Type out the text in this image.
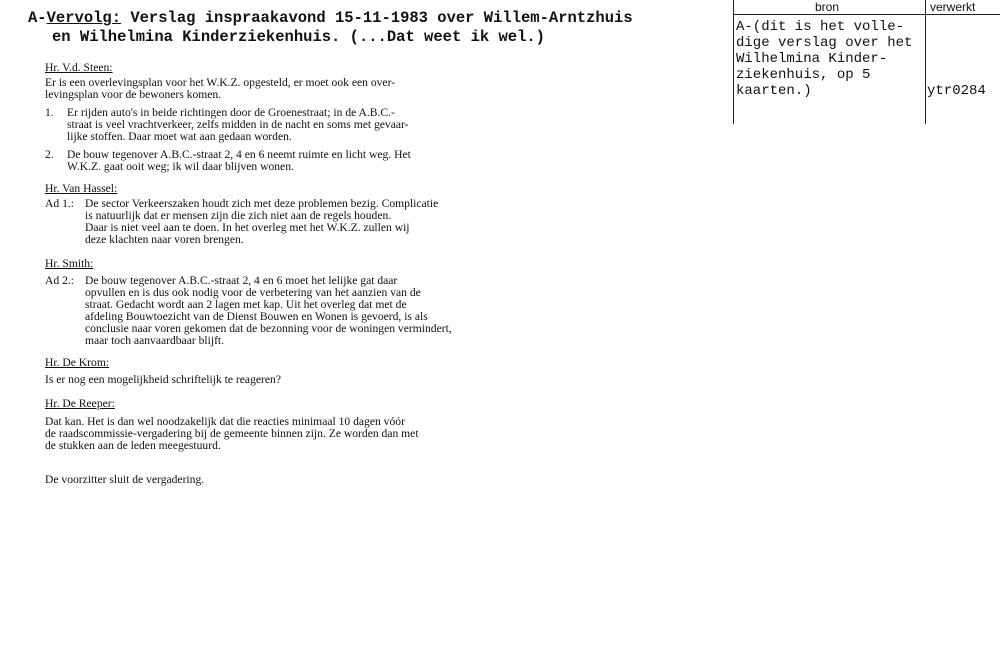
A-Vervolg: Verslag inspraakavond 15-11-1983 over Willem-Arntzhuis
en Wilhelmina Kinderziekenhuis. (...Dat weet ik wel.)
Hr. V.d. Steen:
Er is een overlevingsplan voor het W.K.Z. opgesteld, er moet ook een over-
levingsplan voor de bewoners komen.
1. Er rijden auto's in beide richtingen door de Groenestraat; in de A.B.C.-
straat is veel vrachtverkeer, zelfs midden in de nacht en soms met gevaar-
lijke stoffen. Daar moet wat aan gedaan worden.
2. De bouw tegenover A.B.C.-straat 2, 4 en 6 neemt ruimte en licht weg. Het
W.K.Z. gaat ooit weg; ik wil daar blijven wonen.
Hr. Van Hassel:
Ad 1.: De sector Verkeerszaken houdt zich met deze problemen bezig. Complicatie
is natuurlijk dat er mensen zijn die zich niet aan de regels houden.
Daar is niet veel aan te doen. In het overleg met het W.K.Z. zullen wij
deze klachten naar voren brengen.
Hr. Smith:
Ad 2.: De bouw tegenover A.B.C.-straat 2, 4 en 6 moet het lelijke gat daar
opvullen en is dus ook nodig voor de verbetering van het aanzien van de
straat. Gedacht wordt aan 2 lagen met kap. Uit het overleg dat met de
afdeling Bouwtoezicht van de Dienst Bouwen en Wonen is gevoerd, is als
conclusie naar voren gekomen dat de bezonning voor de woningen vermindert,
maar toch aanvaardbaar blijft.
Hr. De Krom:
Is er nog een mogelijkheid schriftelijk te reageren?
Hr. De Reeper:
Dat kan. Het is dan wel noodzakelijk dat die reacties minimaal 10 dagen vóór
de raadscommissie-vergadering bij de gemeente binnen zijn. Ze worden dan met
de stukken aan de leden meegestuurd.
De voorzitter sluit de vergadering.
bron	verwerkt
A-(dit is het volle-
dige verslag over het
Wilhelmina Kinder-
ziekenhuis, op 5
kaarten.)	ytr0284
